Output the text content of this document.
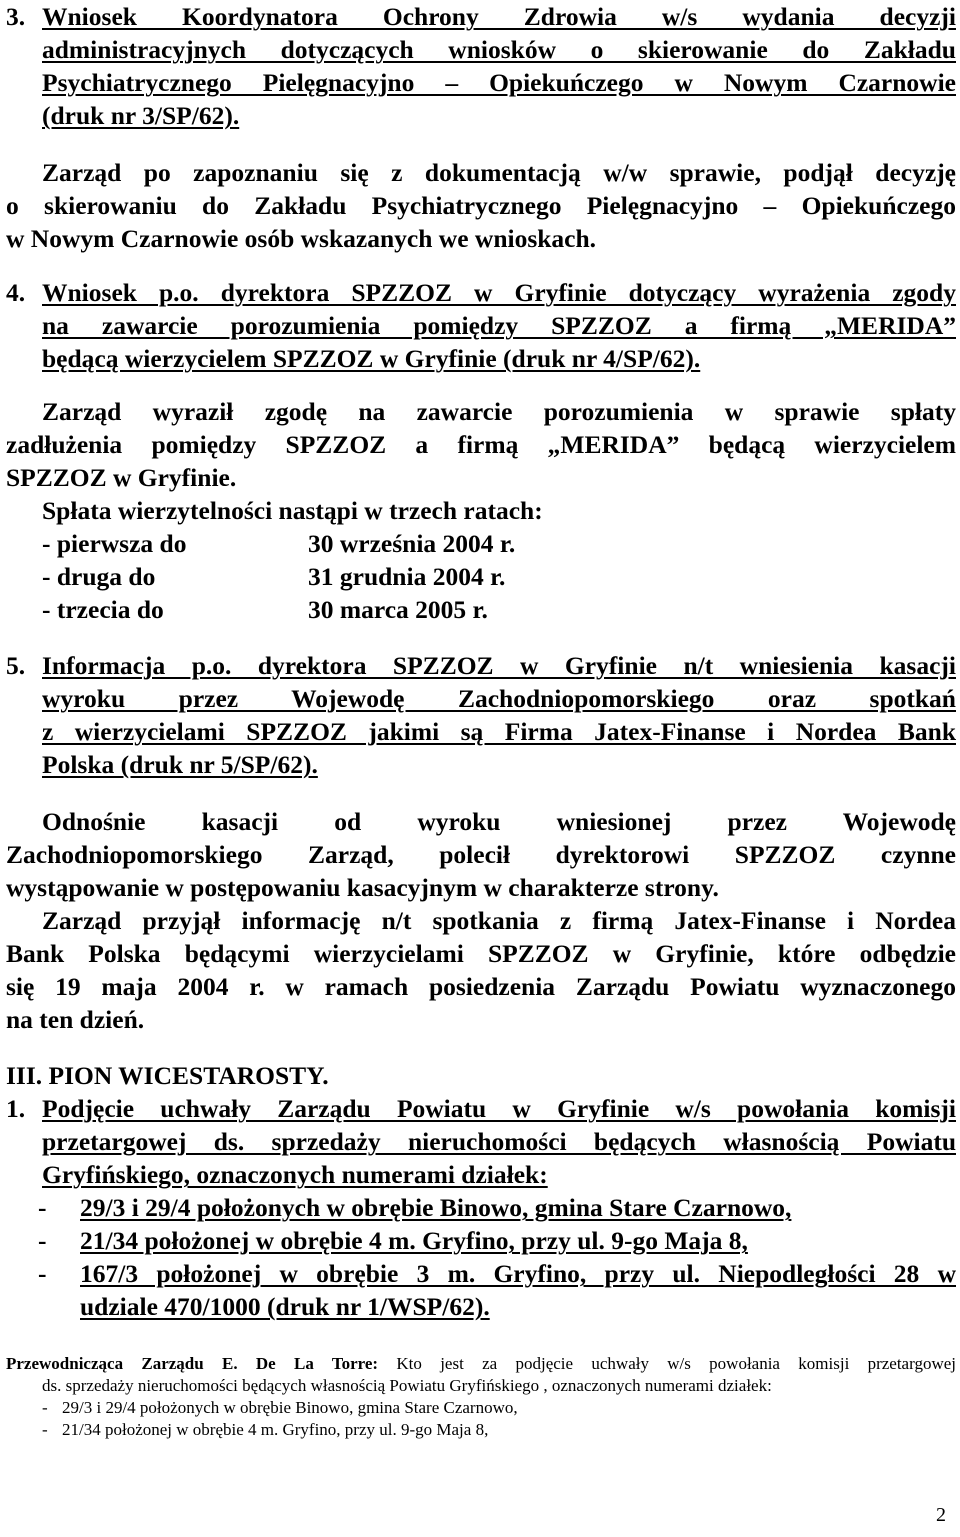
3. Wniosek Koordynatora Ochrony Zdrowia w/s wydania decyzji

administracyjnych dotyczących wniosków o skierowanie do Zakładu

Psychiatrycznego Pielęgnacyjno – Opiekuńczego w Nowym Czarnowie

(druk nr 3/SP/62).

Zarząd po zapoznaniu się z dokumentacją w/w sprawie, podjął decyzję

o skierowaniu do Zakładu Psychiatrycznego Pielęgnacyjno – Opiekuńczego

w Nowym Czarnowie osób wskazanych we wnioskach.

4. Wniosek p.o. dyrektora SPZZOZ w Gryfinie dotyczący wyrażenia zgody

na zawarcie porozumienia pomiędzy SPZZOZ a firmą „MERIDA”

będącą wierzycielem SPZZOZ w Gryfinie (druk nr 4/SP/62).

Zarząd wyraził zgodę na zawarcie porozumienia w sprawie spłaty

zadłużenia pomiędzy SPZZOZ a firmą „MERIDA” będącą wierzycielem

SPZZOZ w Gryfinie.

Spłata wierzytelności nastąpi w trzech ratach:

- pierwsza do	30 września 2004 r.
- druga do	31 grudnia 2004 r.
- trzecia do	30 marca 2005 r.
5. Informacja p.o. dyrektora SPZZOZ w Gryfinie n/t wniesienia kasacji

wyroku przez Wojewodę Zachodniopomorskiego oraz spotkań

z wierzycielami SPZZOZ jakimi są Firma Jatex-Finanse i Nordea Bank

Polska (druk nr 5/SP/62).

Odnośnie kasacji od wyroku wniesionej przez Wojewodę

Zachodniopomorskiego Zarząd, polecił dyrektorowi SPZZOZ czynne

wystąpowanie w postępowaniu kasacyjnym w charakterze strony.

Zarząd przyjął informację n/t spotkania z firmą Jatex-Finanse i Nordea

Bank Polska będącymi wierzycielami SPZZOZ w Gryfinie, które odbędzie

się 19 maja 2004 r. w ramach posiedzenia Zarządu Powiatu wyznaczonego

na ten dzień.

III. PION WICESTAROSTY.

1. Podjęcie uchwały Zarządu Powiatu w Gryfinie w/s powołania komisji

przetargowej ds. sprzedaży nieruchomości będących własnością Powiatu

Gryfińskiego, oznaczonych numerami działek:

-	29/3 i 29/4 położonych w obrębie Binowo, gmina Stare Czarnowo,
-	21/34 położonej w obrębie 4 m. Gryfino, przy ul. 9-go Maja 8,
-	167/3 położonej w obrębie 3 m. Gryfino, przy ul. Niepodległości 28 w

udziale 470/1000 (druk nr 1/WSP/62).

Przewodnicząca Zarządu E. De La Torre: Kto jest za podjęcie uchwały w/s powołania komisji przetargowej

ds. sprzedaży nieruchomości będących własnością Powiatu Gryfińskiego , oznaczonych numerami działek:

- 29/3 i 29/4 położonych w obrębie Binowo, gmina Stare Czarnowo,
- 21/34 położonej w obrębie 4 m. Gryfino, przy ul. 9-go Maja 8,
2
